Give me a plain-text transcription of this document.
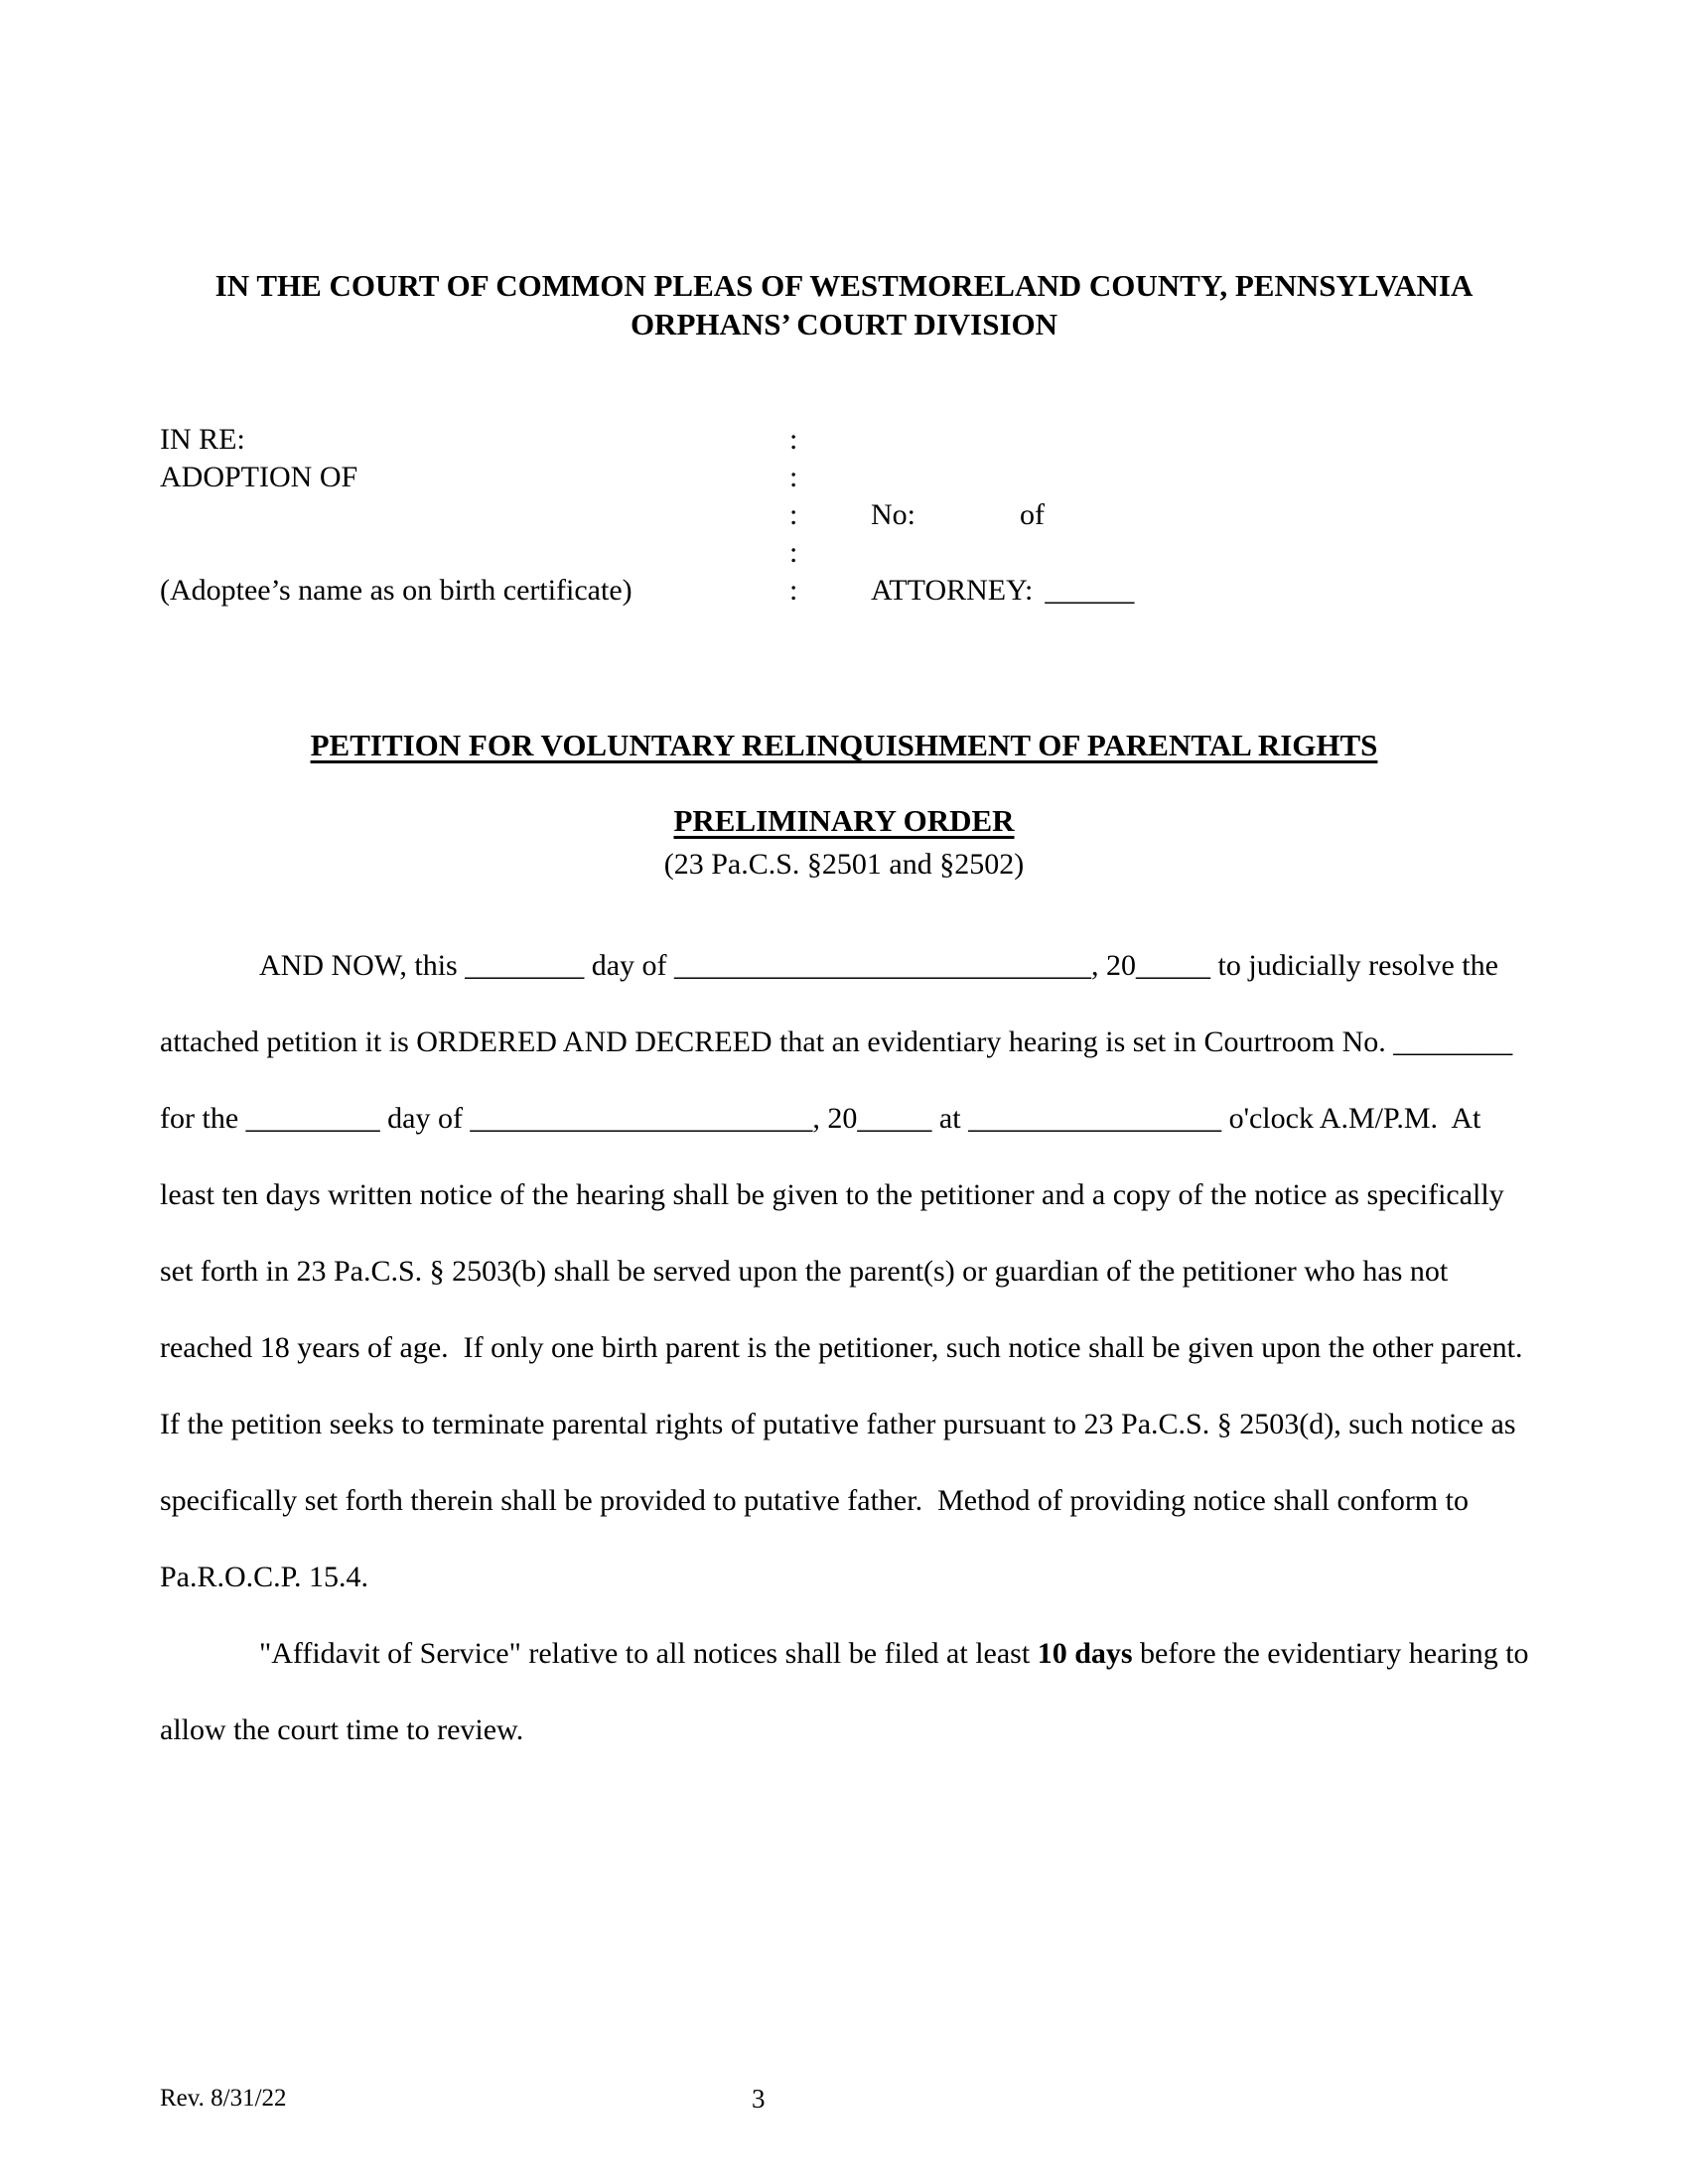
IN THE COURT OF COMMON PLEAS OF WESTMORELAND COUNTY, PENNSYLVANIA
ORPHANS’ COURT DIVISION
IN RE:	:
ADOPTION OF	:
:	No:	of
:
(Adoptee’s name as on birth certificate)	:	ATTORNEY: ______
PETITION FOR VOLUNTARY RELINQUISHMENT OF PARENTAL RIGHTS
PRELIMINARY ORDER
(23 Pa.C.S. §2501 and §2502)

AND NOW, this ________ day of ____________________________, 20_____ to judicially resolve the attached petition it is ORDERED AND DECREED that an evidentiary hearing is set in Courtroom No. ________ for the _________ day of _______________________, 20_____ at _________________ o'clock A.M/P.M.  At least ten days written notice of the hearing shall be given to the petitioner and a copy of the notice as specifically set forth in 23 Pa.C.S. § 2503(b) shall be served upon the parent(s) or guardian of the petitioner who has not reached 18 years of age.  If only one birth parent is the petitioner, such notice shall be given upon the other parent.  If the petition seeks to terminate parental rights of putative father pursuant to 23 Pa.C.S. § 2503(d), such notice as specifically set forth therein shall be provided to putative father.  Method of providing notice shall conform to Pa.R.O.C.P. 15.4.

"Affidavit of Service" relative to all notices shall be filed at least 10 days before the evidentiary hearing to allow the court time to review.

Rev. 8/31/22	3
